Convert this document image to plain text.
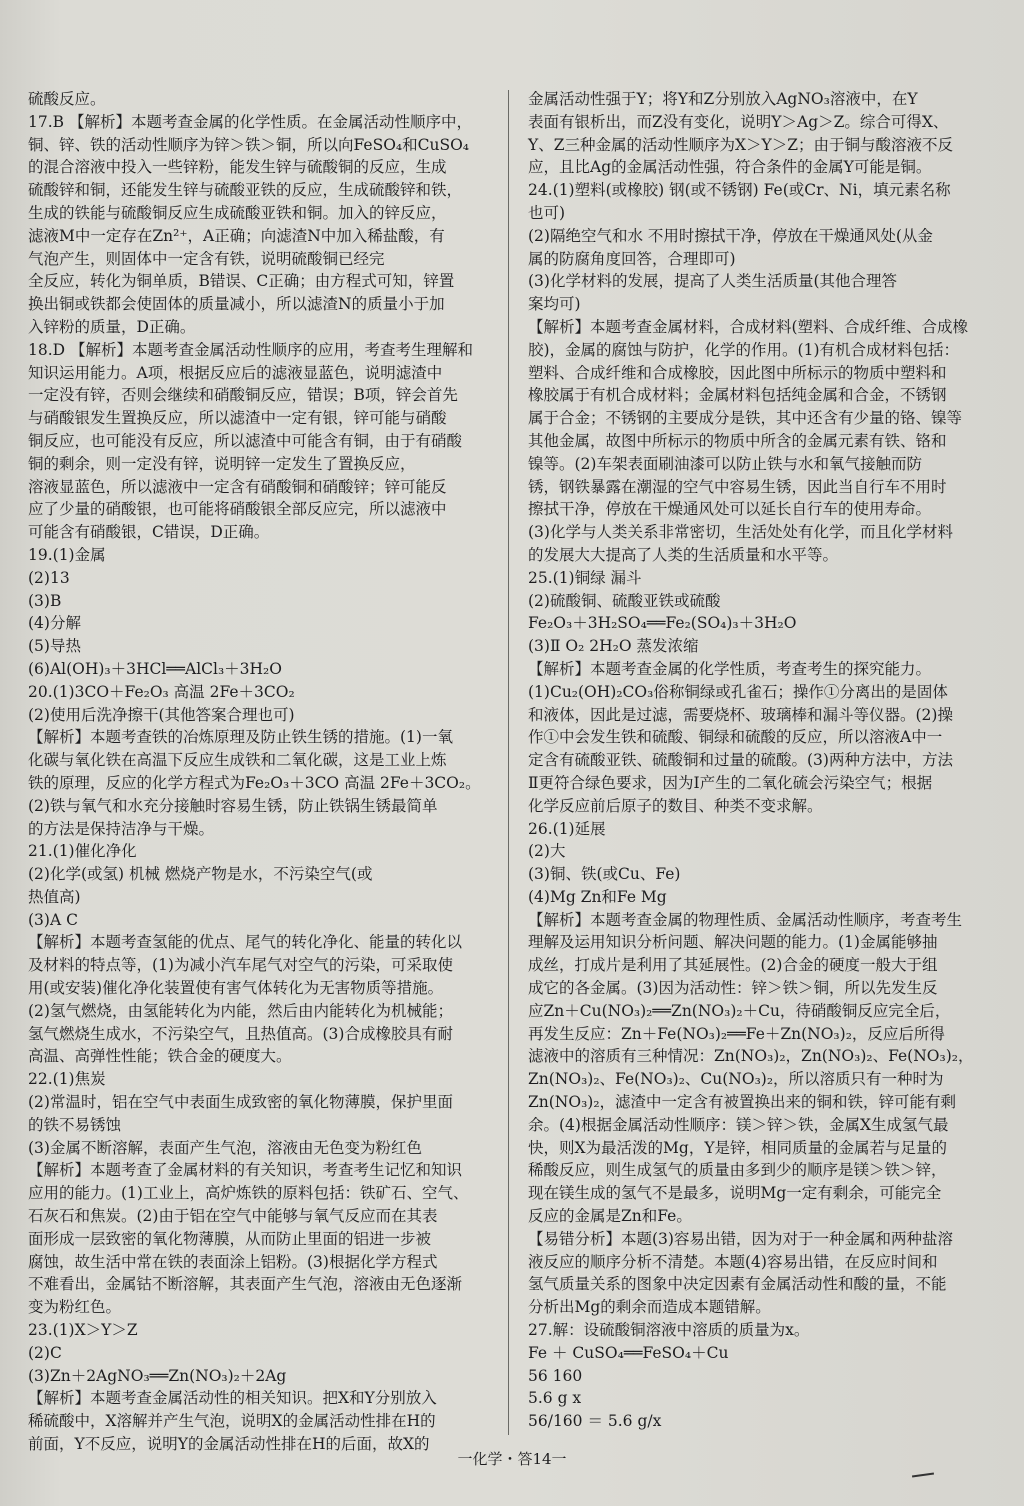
硫酸反应。

17.B 【解析】本题考查金属的化学性质。在金属活动性顺序中，

铜、锌、铁的活动性顺序为锌＞铁＞铜，所以向FeSO₄和CuSO₄

的混合溶液中投入一些锌粉，能发生锌与硫酸铜的反应，生成

硫酸锌和铜，还能发生锌与硫酸亚铁的反应，生成硫酸锌和铁，

生成的铁能与硫酸铜反应生成硫酸亚铁和铜。加入的锌反应，

滤液M中一定存在Zn²⁺，A正确；向滤渣N中加入稀盐酸，有

气泡产生，则固体中一定含有铁，说明硫酸铜已经完

全反应，转化为铜单质，B错误、C正确；由方程式可知，锌置

换出铜或铁都会使固体的质量减小，所以滤渣N的质量小于加

入锌粉的质量，D正确。

18.D 【解析】本题考查金属活动性顺序的应用，考查考生理解和

知识运用能力。A项，根据反应后的滤液显蓝色，说明滤渣中

一定没有锌，否则会继续和硝酸铜反应，错误；B项，锌会首先

与硝酸银发生置换反应，所以滤渣中一定有银，锌可能与硝酸

铜反应，也可能没有反应，所以滤渣中可能含有铜，由于有硝酸

铜的剩余，则一定没有锌，说明锌一定发生了置换反应，

溶液显蓝色，所以滤液中一定含有硝酸铜和硝酸锌；锌可能反

应了少量的硝酸银，也可能将硝酸银全部反应完，所以滤液中

可能含有硝酸银，C错误，D正确。

19.(1)金属

(2)13

(3)B

(4)分解

(5)导热

(6)Al(OH)₃＋3HCl══AlCl₃＋3H₂O

20.(1)3CO＋Fe₂O₃ 高温 2Fe＋3CO₂

(2)使用后洗净擦干(其他答案合理也可)

【解析】本题考查铁的冶炼原理及防止铁生锈的措施。(1)一氧

化碳与氧化铁在高温下反应生成铁和二氧化碳，这是工业上炼

铁的原理，反应的化学方程式为Fe₂O₃＋3CO 高温 2Fe＋3CO₂。

(2)铁与氧气和水充分接触时容易生锈，防止铁锅生锈最简单

的方法是保持洁净与干燥。

21.(1)催化净化

(2)化学(或氢) 机械 燃烧产物是水，不污染空气(或

热值高)

(3)A C

【解析】本题考查氢能的优点、尾气的转化净化、能量的转化以

及材料的特点等，(1)为减小汽车尾气对空气的污染，可采取使

用(或安装)催化净化装置使有害气体转化为无害物质等措施。

(2)氢气燃烧，由氢能转化为内能，然后由内能转化为机械能；

氢气燃烧生成水，不污染空气，且热值高。(3)合成橡胶具有耐

高温、高弹性性能；铁合金的硬度大。

22.(1)焦炭

(2)常温时，铝在空气中表面生成致密的氧化物薄膜，保护里面

的铁不易锈蚀

(3)金属不断溶解，表面产生气泡，溶液由无色变为粉红色

【解析】本题考查了金属材料的有关知识，考查考生记忆和知识

应用的能力。(1)工业上，高炉炼铁的原料包括：铁矿石、空气、

石灰石和焦炭。(2)由于铝在空气中能够与氧气反应而在其表

面形成一层致密的氧化物薄膜，从而防止里面的铝进一步被

腐蚀，故生活中常在铁的表面涂上铝粉。(3)根据化学方程式

不难看出，金属钴不断溶解，其表面产生气泡，溶液由无色逐渐

变为粉红色。

23.(1)X＞Y＞Z

(2)C

(3)Zn＋2AgNO₃══Zn(NO₃)₂＋2Ag

【解析】本题考查金属活动性的相关知识。把X和Y分别放入

稀硫酸中，X溶解并产生气泡，说明X的金属活动性排在H的

前面，Y不反应，说明Y的金属活动性排在H的后面，故X的

金属活动性强于Y；将Y和Z分别放入AgNO₃溶液中，在Y

表面有银析出，而Z没有变化，说明Y＞Ag＞Z。综合可得X、

Y、Z三种金属的活动性顺序为X＞Y＞Z；由于铜与酸溶液不反

应，且比Ag的金属活动性强，符合条件的金属Y可能是铜。

24.(1)塑料(或橡胶) 钢(或不锈钢) Fe(或Cr、Ni，填元素名称

也可)

(2)隔绝空气和水 不用时擦拭干净，停放在干燥通风处(从金

属的防腐角度回答，合理即可)

(3)化学材料的发展，提高了人类生活质量(其他合理答

案均可)

【解析】本题考查金属材料，合成材料(塑料、合成纤维、合成橡

胶)，金属的腐蚀与防护，化学的作用。(1)有机合成材料包括：

塑料、合成纤维和合成橡胶，因此图中所标示的物质中塑料和

橡胶属于有机合成材料；金属材料包括纯金属和合金，不锈钢

属于合金；不锈钢的主要成分是铁，其中还含有少量的铬、镍等

其他金属，故图中所标示的物质中所含的金属元素有铁、铬和

镍等。(2)车架表面刷油漆可以防止铁与水和氧气接触而防

锈，钢铁暴露在潮湿的空气中容易生锈，因此当自行车不用时

擦拭干净，停放在干燥通风处可以延长自行车的使用寿命。

(3)化学与人类关系非常密切，生活处处有化学，而且化学材料

的发展大大提高了人类的生活质量和水平等。

25.(1)铜绿 漏斗

(2)硫酸铜、硫酸亚铁或硫酸

Fe₂O₃＋3H₂SO₄══Fe₂(SO₄)₃＋3H₂O

(3)Ⅱ O₂ 2H₂O 蒸发浓缩

【解析】本题考查金属的化学性质，考查考生的探究能力。

(1)Cu₂(OH)₂CO₃俗称铜绿或孔雀石；操作①分离出的是固体

和液体，因此是过滤，需要烧杯、玻璃棒和漏斗等仪器。(2)操

作①中会发生铁和硫酸、铜绿和硫酸的反应，所以溶液A中一

定含有硫酸亚铁、硫酸铜和过量的硫酸。(3)两种方法中，方法

Ⅱ更符合绿色要求，因为Ⅰ产生的二氧化硫会污染空气；根据

化学反应前后原子的数目、种类不变求解。

26.(1)延展

(2)大

(3)铜、铁(或Cu、Fe)

(4)Mg Zn和Fe Mg

【解析】本题考查金属的物理性质、金属活动性顺序，考查考生

理解及运用知识分析问题、解决问题的能力。(1)金属能够抽

成丝，打成片是利用了其延展性。(2)合金的硬度一般大于组

成它的各金属。(3)因为活动性：锌＞铁＞铜，所以先发生反

应Zn＋Cu(NO₃)₂══Zn(NO₃)₂＋Cu，待硝酸铜反应完全后，

再发生反应：Zn＋Fe(NO₃)₂══Fe＋Zn(NO₃)₂，反应后所得

滤液中的溶质有三种情况：Zn(NO₃)₂，Zn(NO₃)₂、Fe(NO₃)₂，

Zn(NO₃)₂、Fe(NO₃)₂、Cu(NO₃)₂，所以溶质只有一种时为

Zn(NO₃)₂，滤渣中一定含有被置换出来的铜和铁，锌可能有剩

余。(4)根据金属活动性顺序：镁＞锌＞铁，金属X生成氢气最

快，则X为最活泼的Mg，Y是锌，相同质量的金属若与足量的

稀酸反应，则生成氢气的质量由多到少的顺序是镁＞铁＞锌，

现在镁生成的氢气不是最多，说明Mg一定有剩余，可能完全

反应的金属是Zn和Fe。

【易错分析】本题(3)容易出错，因为对于一种金属和两种盐溶

液反应的顺序分析不清楚。本题(4)容易出错，在反应时间和

氢气质量关系的图象中决定因素有金属活动性和酸的量，不能

分析出Mg的剩余而造成本题错解。

27.解：设硫酸铜溶液中溶质的质量为x。

Fe ＋ CuSO₄══FeSO₄＋Cu

56 160

5.6 g x

56/160 ＝ 5.6 g/x

一化学・答14一
